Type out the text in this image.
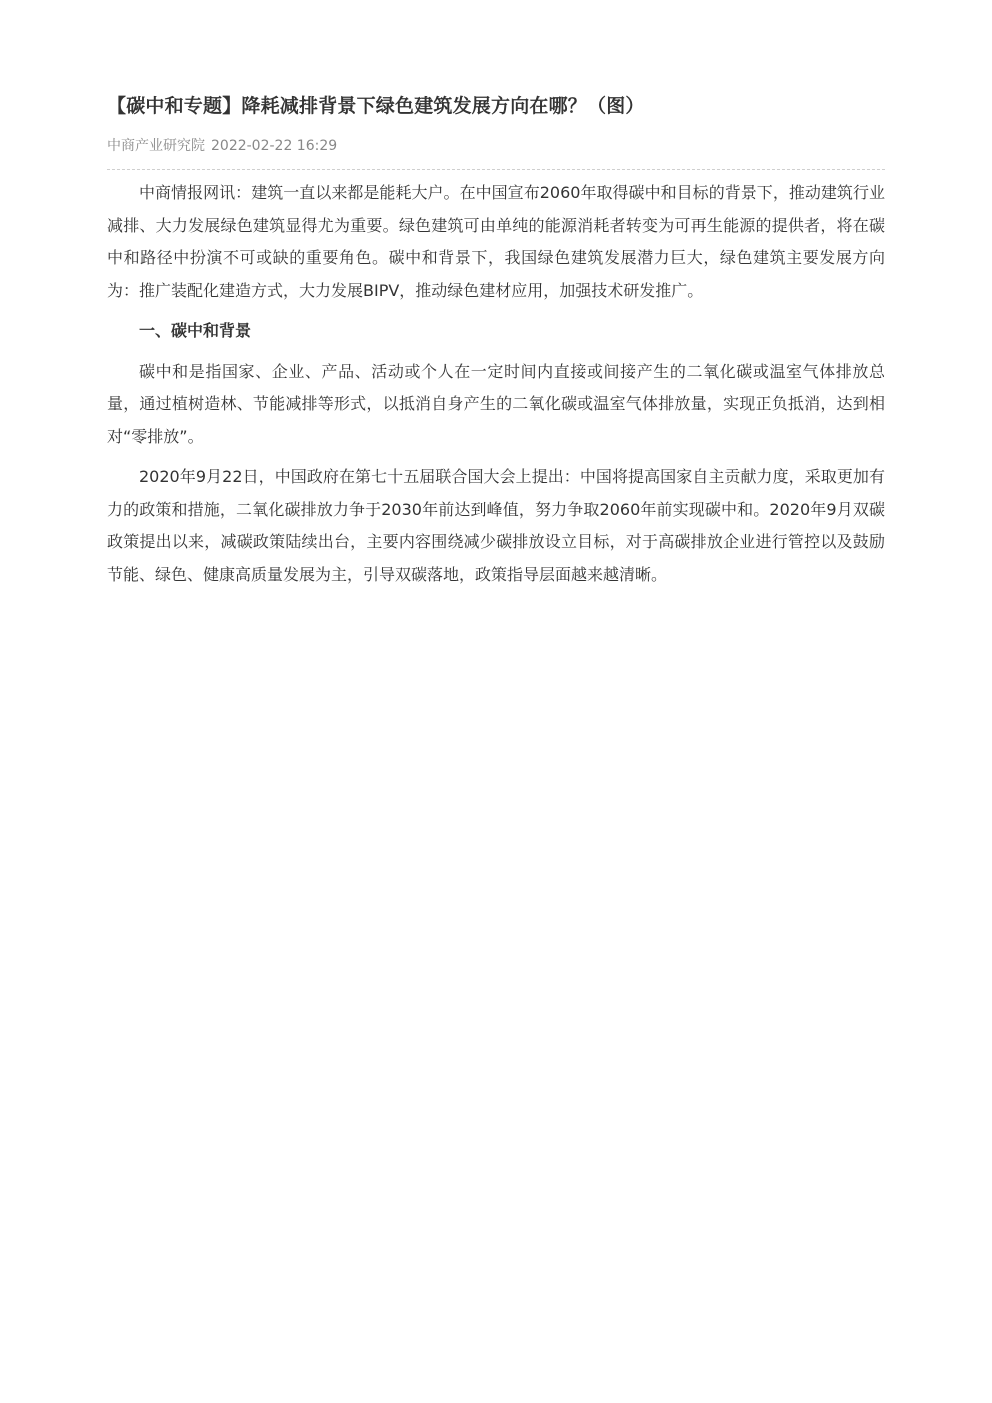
【碳中和专题】降耗减排背景下绿色建筑发展方向在哪？（图）
中商产业研究院 2022-02-22 16:29

中商情报网讯：建筑一直以来都是能耗大户。在中国宣布2060年取得碳中和目标的背景下，推动建筑行业减排、大力发展绿色建筑显得尤为重要。绿色建筑可由单纯的能源消耗者转变为可再生能源的提供者，将在碳中和路径中扮演不可或缺的重要角色。碳中和背景下，我国绿色建筑发展潜力巨大，绿色建筑主要发展方向为：推广装配化建造方式，大力发展BIPV，推动绿色建材应用，加强技术研发推广。

一、碳中和背景

碳中和是指国家、企业、产品、活动或个人在一定时间内直接或间接产生的二氧化碳或温室气体排放总量，通过植树造林、节能减排等形式，以抵消自身产生的二氧化碳或温室气体排放量，实现正负抵消，达到相对“零排放”。

2020年9月22日，中国政府在第七十五届联合国大会上提出：中国将提高国家自主贡献力度，采取更加有力的政策和措施，二氧化碳排放力争于2030年前达到峰值，努力争取2060年前实现碳中和。2020年9月双碳政策提出以来，减碳政策陆续出台，主要内容围绕减少碳排放设立目标，对于高碳排放企业进行管控以及鼓励节能、绿色、健康高质量发展为主，引导双碳落地，政策指导层面越来越清晰。
